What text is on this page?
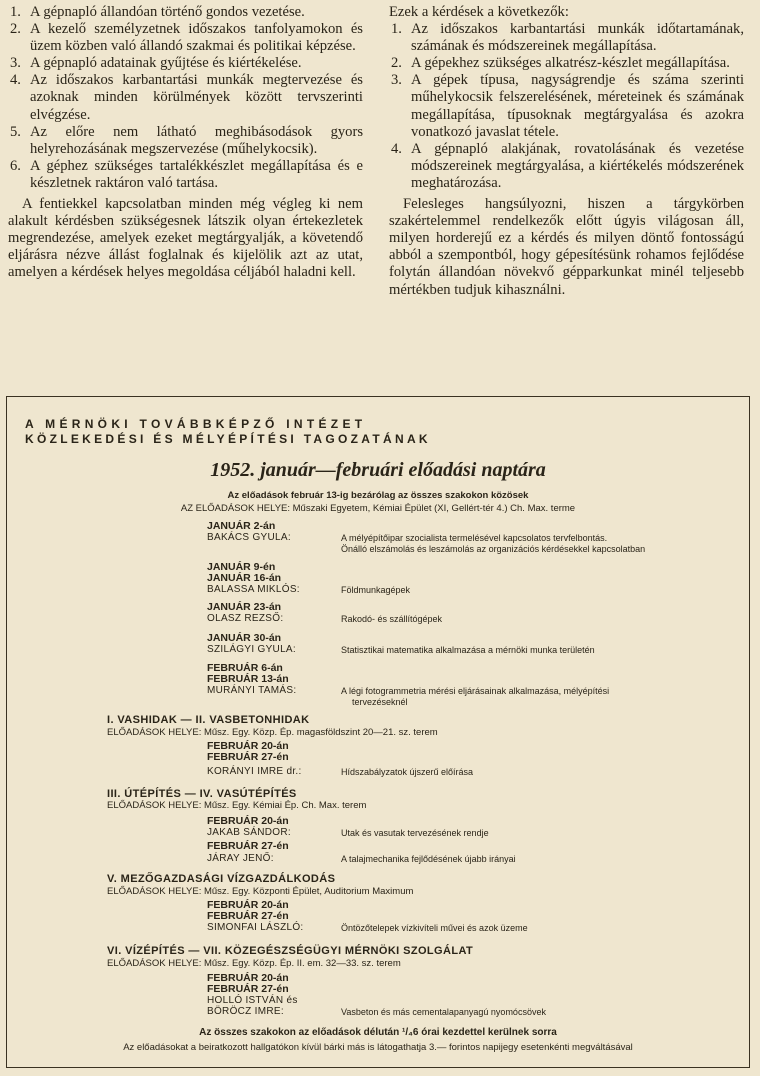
1. A gépnapló állandóan történő gondos vezetése.
2. A kezelő személyzetnek időszakos tanfolyamokon és üzem közben való állandó szakmai és politikai képzése.
3. A gépnapló adatainak gyűjtése és kiértékelése.
4. Az időszakos karbantartási munkák megtervezése és azoknak minden körülmények között tervszerinti elvégzése.
5. Az előre nem látható meghibásodások gyors helyrehozásának megszervezése (műhelykocsik).
6. A géphez szükséges tartalékkészlet megállapítása és e készletnek raktáron való tartása.

A fentiekkel kapcsolatban minden még végleg ki nem alakult kérdésben szükségesnek látszik olyan értekezletek megrendezése, amelyek ezeket megtárgyalják, a követendő eljárásra nézve állást foglalnak és kijelölik azt az utat, amelyen a kérdések helyes megoldása céljából haladni kell.

Ezek a kérdések a következők:

1. Az időszakos karbantartási munkák időtartamának, számának és módszereinek megállapítása.
2. A gépekhez szükséges alkatrész-készlet megállapítása.
3. A gépek típusa, nagyságrendje és száma szerinti műhelykocsik felszerelésének, méreteinek és számának megállapítása, típusoknak megtárgyalása és azokra vonatkozó javaslat tétele.
4. A gépnapló alakjának, rovatolásának és vezetése módszereinek megtárgyalása, a kiértékelés módszerének meghatározása.

Felesleges hangsúlyozni, hiszen a tárgykörben szakértelemmel rendelkezők előtt úgyis világosan áll, milyen horderejű ez a kérdés és milyen döntő fontosságú abból a szempontból, hogy gépesítésünk rohamos fejlődése folytán állandóan növekvő gépparkunkat minél teljesebb mértékben tudjuk kihasználni.

A MÉRNÖKI TOVÁBBKÉPZŐ INTÉZET
KÖZLEKEDÉSI ÉS MÉLYÉPÍTÉSI TAGOZATÁNAK
1952. január—februári előadási naptára
Az előadások február 13-ig bezárólag az összes szakokon közösek
AZ ELŐADÁSOK HELYE: Műszaki Egyetem, Kémiai Épület (XI, Gellért-tér 4.) Ch. Max. terme
JANUÁR 2-án
BAKÁCS GYULA:	A mélyépítőipar szocialista termelésével kapcsolatos tervfelbontás.
Önálló elszámolás és leszámolás az organizációs kérdésekkel kapcsolatban
JANUÁR 9-én
JANUÁR 16-án
BALASSA MIKLÓS:	Földmunkagépek
JANUÁR 23-án
OLASZ REZSŐ:	Rakodó- és szállítógépek
JANUÁR 30-án
SZILÁGYI GYULA:	Statisztikai matematika alkalmazása a mérnöki munka területén
FEBRUÁR 6-án
FEBRUÁR 13-án
MURÁNYI TAMÁS:	A légi fotogrammetria mérési eljárásainak alkalmazása, mélyépítési
tervezéseknél
I. VASHIDAK — II. VASBETONHIDAK
ELŐADÁSOK HELYE: Műsz. Egy. Közp. Ép. magasföldszint 20—21. sz. terem
FEBRUÁR 20-án
FEBRUÁR 27-én
KORÁNYI IMRE dr.:	Hídszabályzatok újszerű előírása
III. ÚTÉPÍTÉS — IV. VASÚTÉPÍTÉS
ELŐADÁSOK HELYE: Műsz. Egy. Kémiai Ép. Ch. Max. terem
FEBRUÁR 20-án
JAKAB SÁNDOR:	Utak és vasutak tervezésének rendje
FEBRUÁR 27-én
JÁRAY JENŐ:	A talajmechanika fejlődésének újabb irányai
V. MEZŐGAZDASÁGI VÍZGAZDÁLKODÁS
ELŐADÁSOK HELYE: Műsz. Egy. Központi Épület, Auditorium Maximum
FEBRUÁR 20-án
FEBRUÁR 27-én
SIMONFAI LÁSZLÓ:	Öntözőtelepek vízkivíteli művei és azok üzeme
VI. VÍZÉPÍTÉS — VII. KÖZEGÉSZSÉGÜGYI MÉRNÖKI SZOLGÁLAT
ELŐADÁSOK HELYE: Műsz. Egy. Közp. Ép. II. em. 32—33. sz. terem
FEBRUÁR 20-án
FEBRUÁR 27-én
HOLLÓ ISTVÁN és
BÖRÖCZ IMRE:	Vasbeton és más cementalapanyagú nyomócsövek
Az összes szakokon az előadások délután ¹/₄6 órai kezdettel kerülnek sorra
Az előadásokat a beiratkozott hallgatókon kívül bárki más is látogathatja 3.— forintos napijegy esetenkénti megváltásával
